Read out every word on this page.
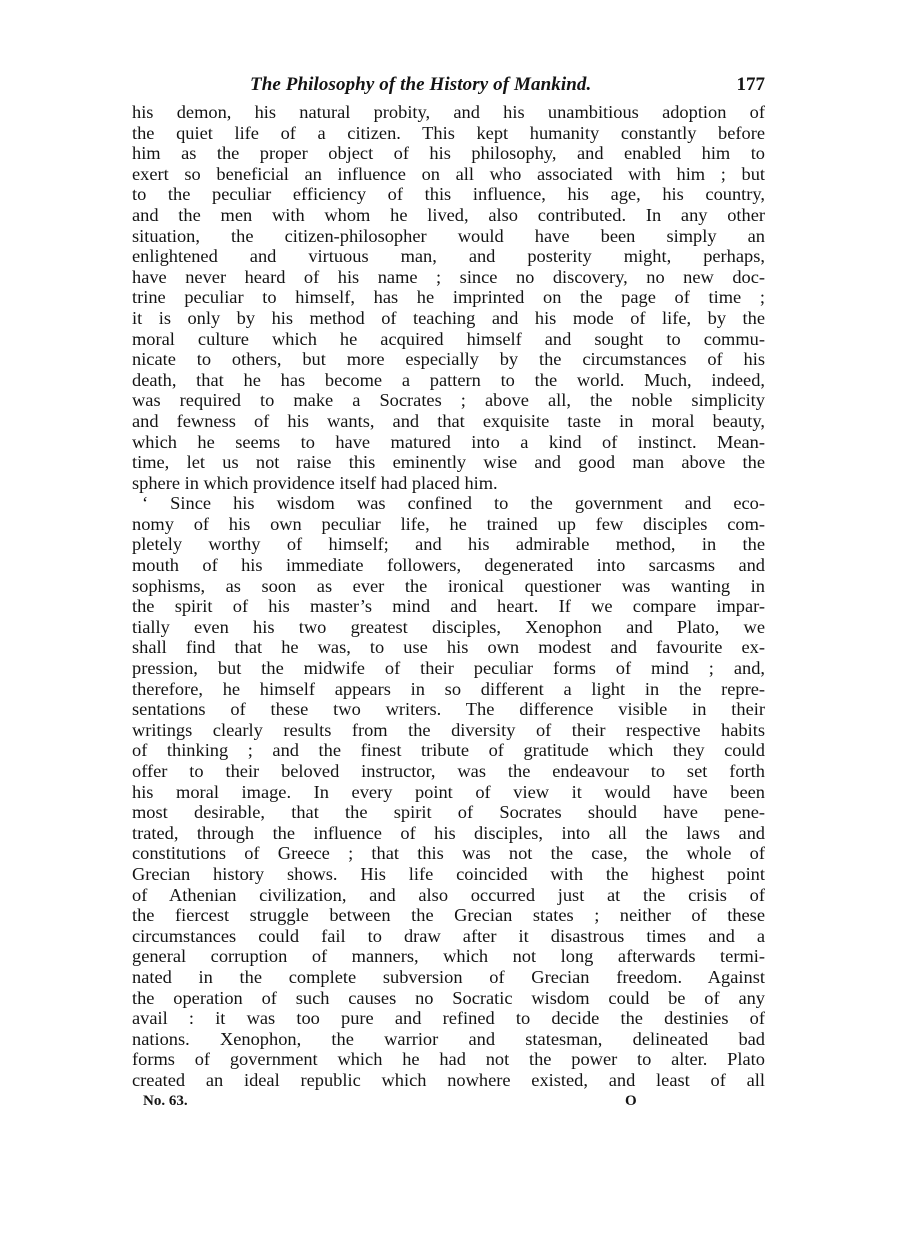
The Philosophy of the History of Mankind.	177
his demon, his natural probity, and his unambitious adoption of
the quiet life of a citizen. This kept humanity constantly before
him as the proper object of his philosophy, and enabled him to
exert so beneficial an influence on all who associated with him ; but
to the peculiar efficiency of this influence, his age, his country,
and the men with whom he lived, also contributed. In any other
situation, the citizen-philosopher would have been simply an
enlightened and virtuous man, and posterity might, perhaps,
have never heard of his name ; since no discovery, no new doc-
trine peculiar to himself, has he imprinted on the page of time ;
it is only by his method of teaching and his mode of life, by the
moral culture which he acquired himself and sought to commu-
nicate to others, but more especially by the circumstances of his
death, that he has become a pattern to the world. Much, indeed,
was required to make a Socrates ; above all, the noble simplicity
and fewness of his wants, and that exquisite taste in moral beauty,
which he seems to have matured into a kind of instinct. Mean-
time, let us not raise this eminently wise and good man above the
sphere in which providence itself had placed him.
‘ Since his wisdom was confined to the government and eco-
nomy of his own peculiar life, he trained up few disciples com-
pletely worthy of himself; and his admirable method, in the
mouth of his immediate followers, degenerated into sarcasms and
sophisms, as soon as ever the ironical questioner was wanting in
the spirit of his master’s mind and heart. If we compare impar-
tially even his two greatest disciples, Xenophon and Plato, we
shall find that he was, to use his own modest and favourite ex-
pression, but the midwife of their peculiar forms of mind ; and,
therefore, he himself appears in so different a light in the repre-
sentations of these two writers. The difference visible in their
writings clearly results from the diversity of their respective habits
of thinking ; and the finest tribute of gratitude which they could
offer to their beloved instructor, was the endeavour to set forth
his moral image. In every point of view it would have been
most desirable, that the spirit of Socrates should have pene-
trated, through the influence of his disciples, into all the laws and
constitutions of Greece ; that this was not the case, the whole of
Grecian history shows. His life coincided with the highest point
of Athenian civilization, and also occurred just at the crisis of
the fiercest struggle between the Grecian states ; neither of these
circumstances could fail to draw after it disastrous times and a
general corruption of manners, which not long afterwards termi-
nated in the complete subversion of Grecian freedom. Against
the operation of such causes no Socratic wisdom could be of any
avail : it was too pure and refined to decide the destinies of
nations. Xenophon, the warrior and statesman, delineated bad
forms of government which he had not the power to alter. Plato
created an ideal republic which nowhere existed, and least of all
No. 63.	O
